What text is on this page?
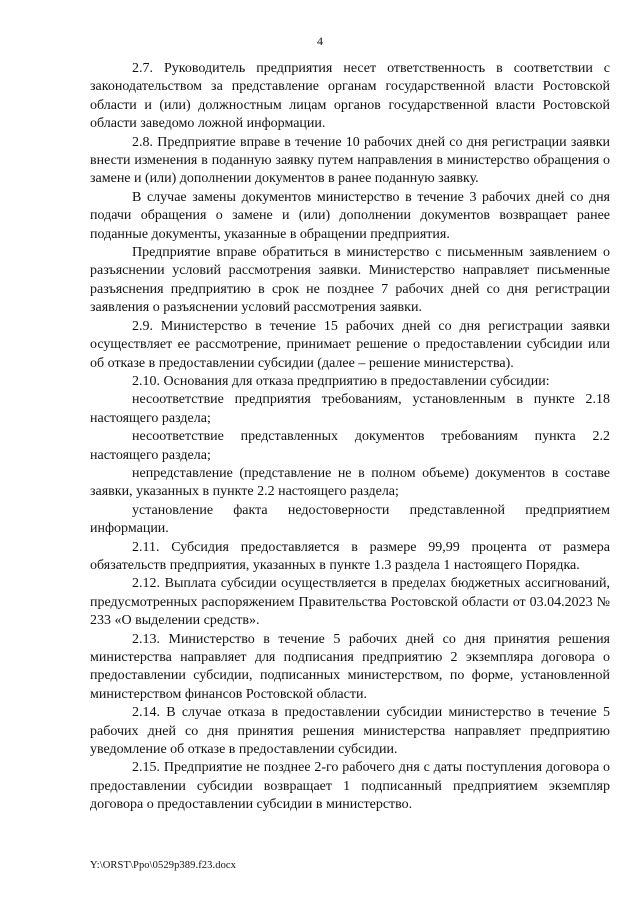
4

2.7. Руководитель предприятия несет ответственность в соответствии с законодательством за представление органам государственной власти Ростовской области и (или) должностным лицам органов государственной власти Ростовской области заведомо ложной информации.

2.8. Предприятие вправе в течение 10 рабочих дней со дня регистрации заявки внести изменения в поданную заявку путем направления в министерство обращения о замене и (или) дополнении документов в ранее поданную заявку.

В случае замены документов министерство в течение 3 рабочих дней со дня подачи обращения о замене и (или) дополнении документов возвращает ранее поданные документы, указанные в обращении предприятия.

Предприятие вправе обратиться в министерство с письменным заявлением о разъяснении условий рассмотрения заявки. Министерство направляет письменные разъяснения предприятию в срок не позднее 7 рабочих дней со дня регистрации заявления о разъяснении условий рассмотрения заявки.

2.9. Министерство в течение 15 рабочих дней со дня регистрации заявки осуществляет ее рассмотрение, принимает решение о предоставлении субсидии или об отказе в предоставлении субсидии (далее – решение министерства).

2.10. Основания для отказа предприятию в предоставлении субсидии:

несоответствие предприятия требованиям, установленным в пункте 2.18 настоящего раздела;

несоответствие представленных документов требованиям пункта 2.2 настоящего раздела;

непредставление (представление не в полном объеме) документов в составе заявки, указанных в пункте 2.2 настоящего раздела;

установление факта недостоверности представленной предприятием информации.

2.11. Субсидия предоставляется в размере 99,99 процента от размера обязательств предприятия, указанных в пункте 1.3 раздела 1 настоящего Порядка.

2.12. Выплата субсидии осуществляется в пределах бюджетных ассигнований, предусмотренных распоряжением Правительства Ростовской области от 03.04.2023 № 233 «О выделении средств».

2.13. Министерство в течение 5 рабочих дней со дня принятия решения министерства направляет для подписания предприятию 2 экземпляра договора о предоставлении субсидии, подписанных министерством, по форме, установленной министерством финансов Ростовской области.

2.14. В случае отказа в предоставлении субсидии министерство в течение 5 рабочих дней со дня принятия решения министерства направляет предприятию уведомление об отказе в предоставлении субсидии.

2.15. Предприятие не позднее 2-го рабочего дня с даты поступления договора о предоставлении субсидии возвращает 1 подписанный предприятием экземпляр договора о предоставлении субсидии в министерство.

Y:\ORST\Ppo\0529p389.f23.docx
